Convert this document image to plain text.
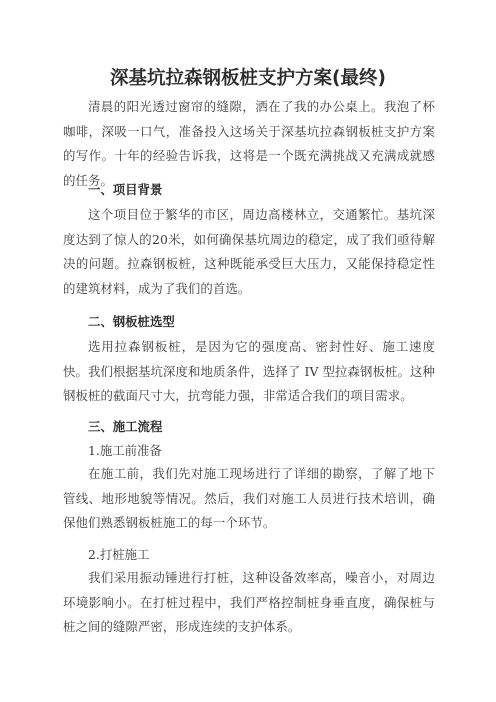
深基坑拉森钢板桩支护方案(最终)
清晨的阳光透过窗帘的缝隙，洒在了我的办公桌上。我泡了杯咖啡，深吸一口气，准备投入这场关于深基坑拉森钢板桩支护方案的写作。十年的经验告诉我，这将是一个既充满挑战又充满成就感的任务。
一、项目背景
这个项目位于繁华的市区，周边高楼林立，交通繁忙。基坑深度达到了惊人的20米，如何确保基坑周边的稳定，成了我们亟待解决的问题。拉森钢板桩，这种既能承受巨大压力，又能保持稳定性的建筑材料，成为了我们的首选。
二、钢板桩选型
选用拉森钢板桩，是因为它的强度高、密封性好、施工速度快。我们根据基坑深度和地质条件，选择了 IV 型拉森钢板桩。这种钢板桩的截面尺寸大，抗弯能力强，非常适合我们的项目需求。
三、施工流程
1.施工前准备
在施工前，我们先对施工现场进行了详细的勘察，了解了地下管线、地形地貌等情况。然后，我们对施工人员进行技术培训，确保他们熟悉钢板桩施工的每一个环节。
2.打桩施工
我们采用振动锤进行打桩，这种设备效率高，噪音小，对周边环境影响小。在打桩过程中，我们严格控制桩身垂直度，确保桩与桩之间的缝隙严密，形成连续的支护体系。
